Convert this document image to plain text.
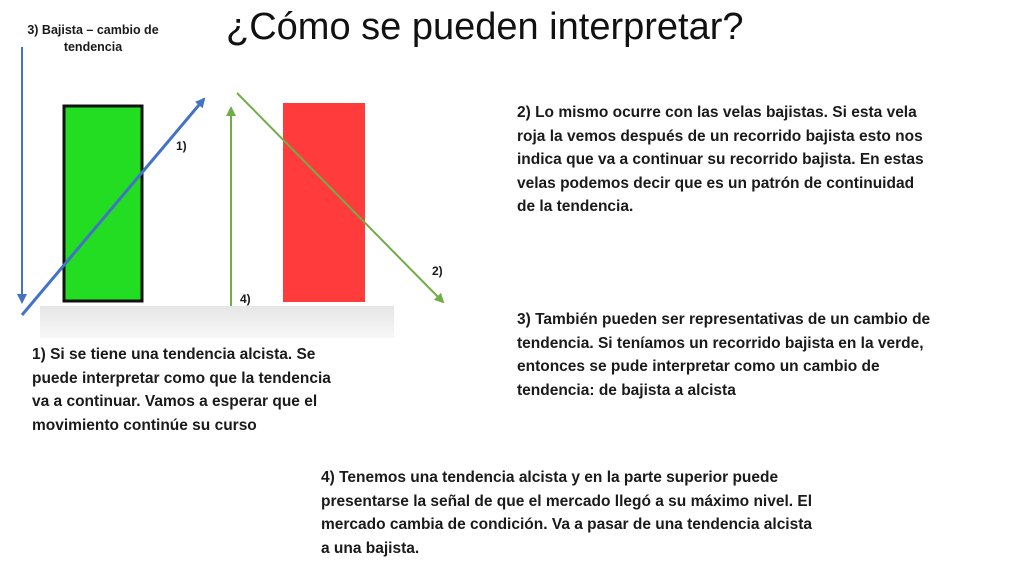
¿Cómo se pueden interpretar?
3) Bajista – cambio de tendencia
1)
2)
4)
1) Si se tiene una tendencia alcista. Se puede interpretar como que la tendencia va a continuar. Vamos a esperar que el movimiento continúe su curso
2) Lo mismo ocurre con las velas bajistas. Si esta vela roja la vemos después de un recorrido bajista esto nos indica que va a continuar su recorrido bajista. En estas velas podemos decir que es un patrón de continuidad de la tendencia.
3) También pueden ser representativas de un cambio de tendencia. Si teníamos un recorrido bajista en la verde, entonces se pude interpretar como un cambio de tendencia: de bajista a alcista
4) Tenemos una tendencia alcista y en la parte superior puede presentarse la señal de que el mercado llegó a su máximo nivel. El mercado cambia de condición. Va a pasar de una tendencia alcista a una bajista.
